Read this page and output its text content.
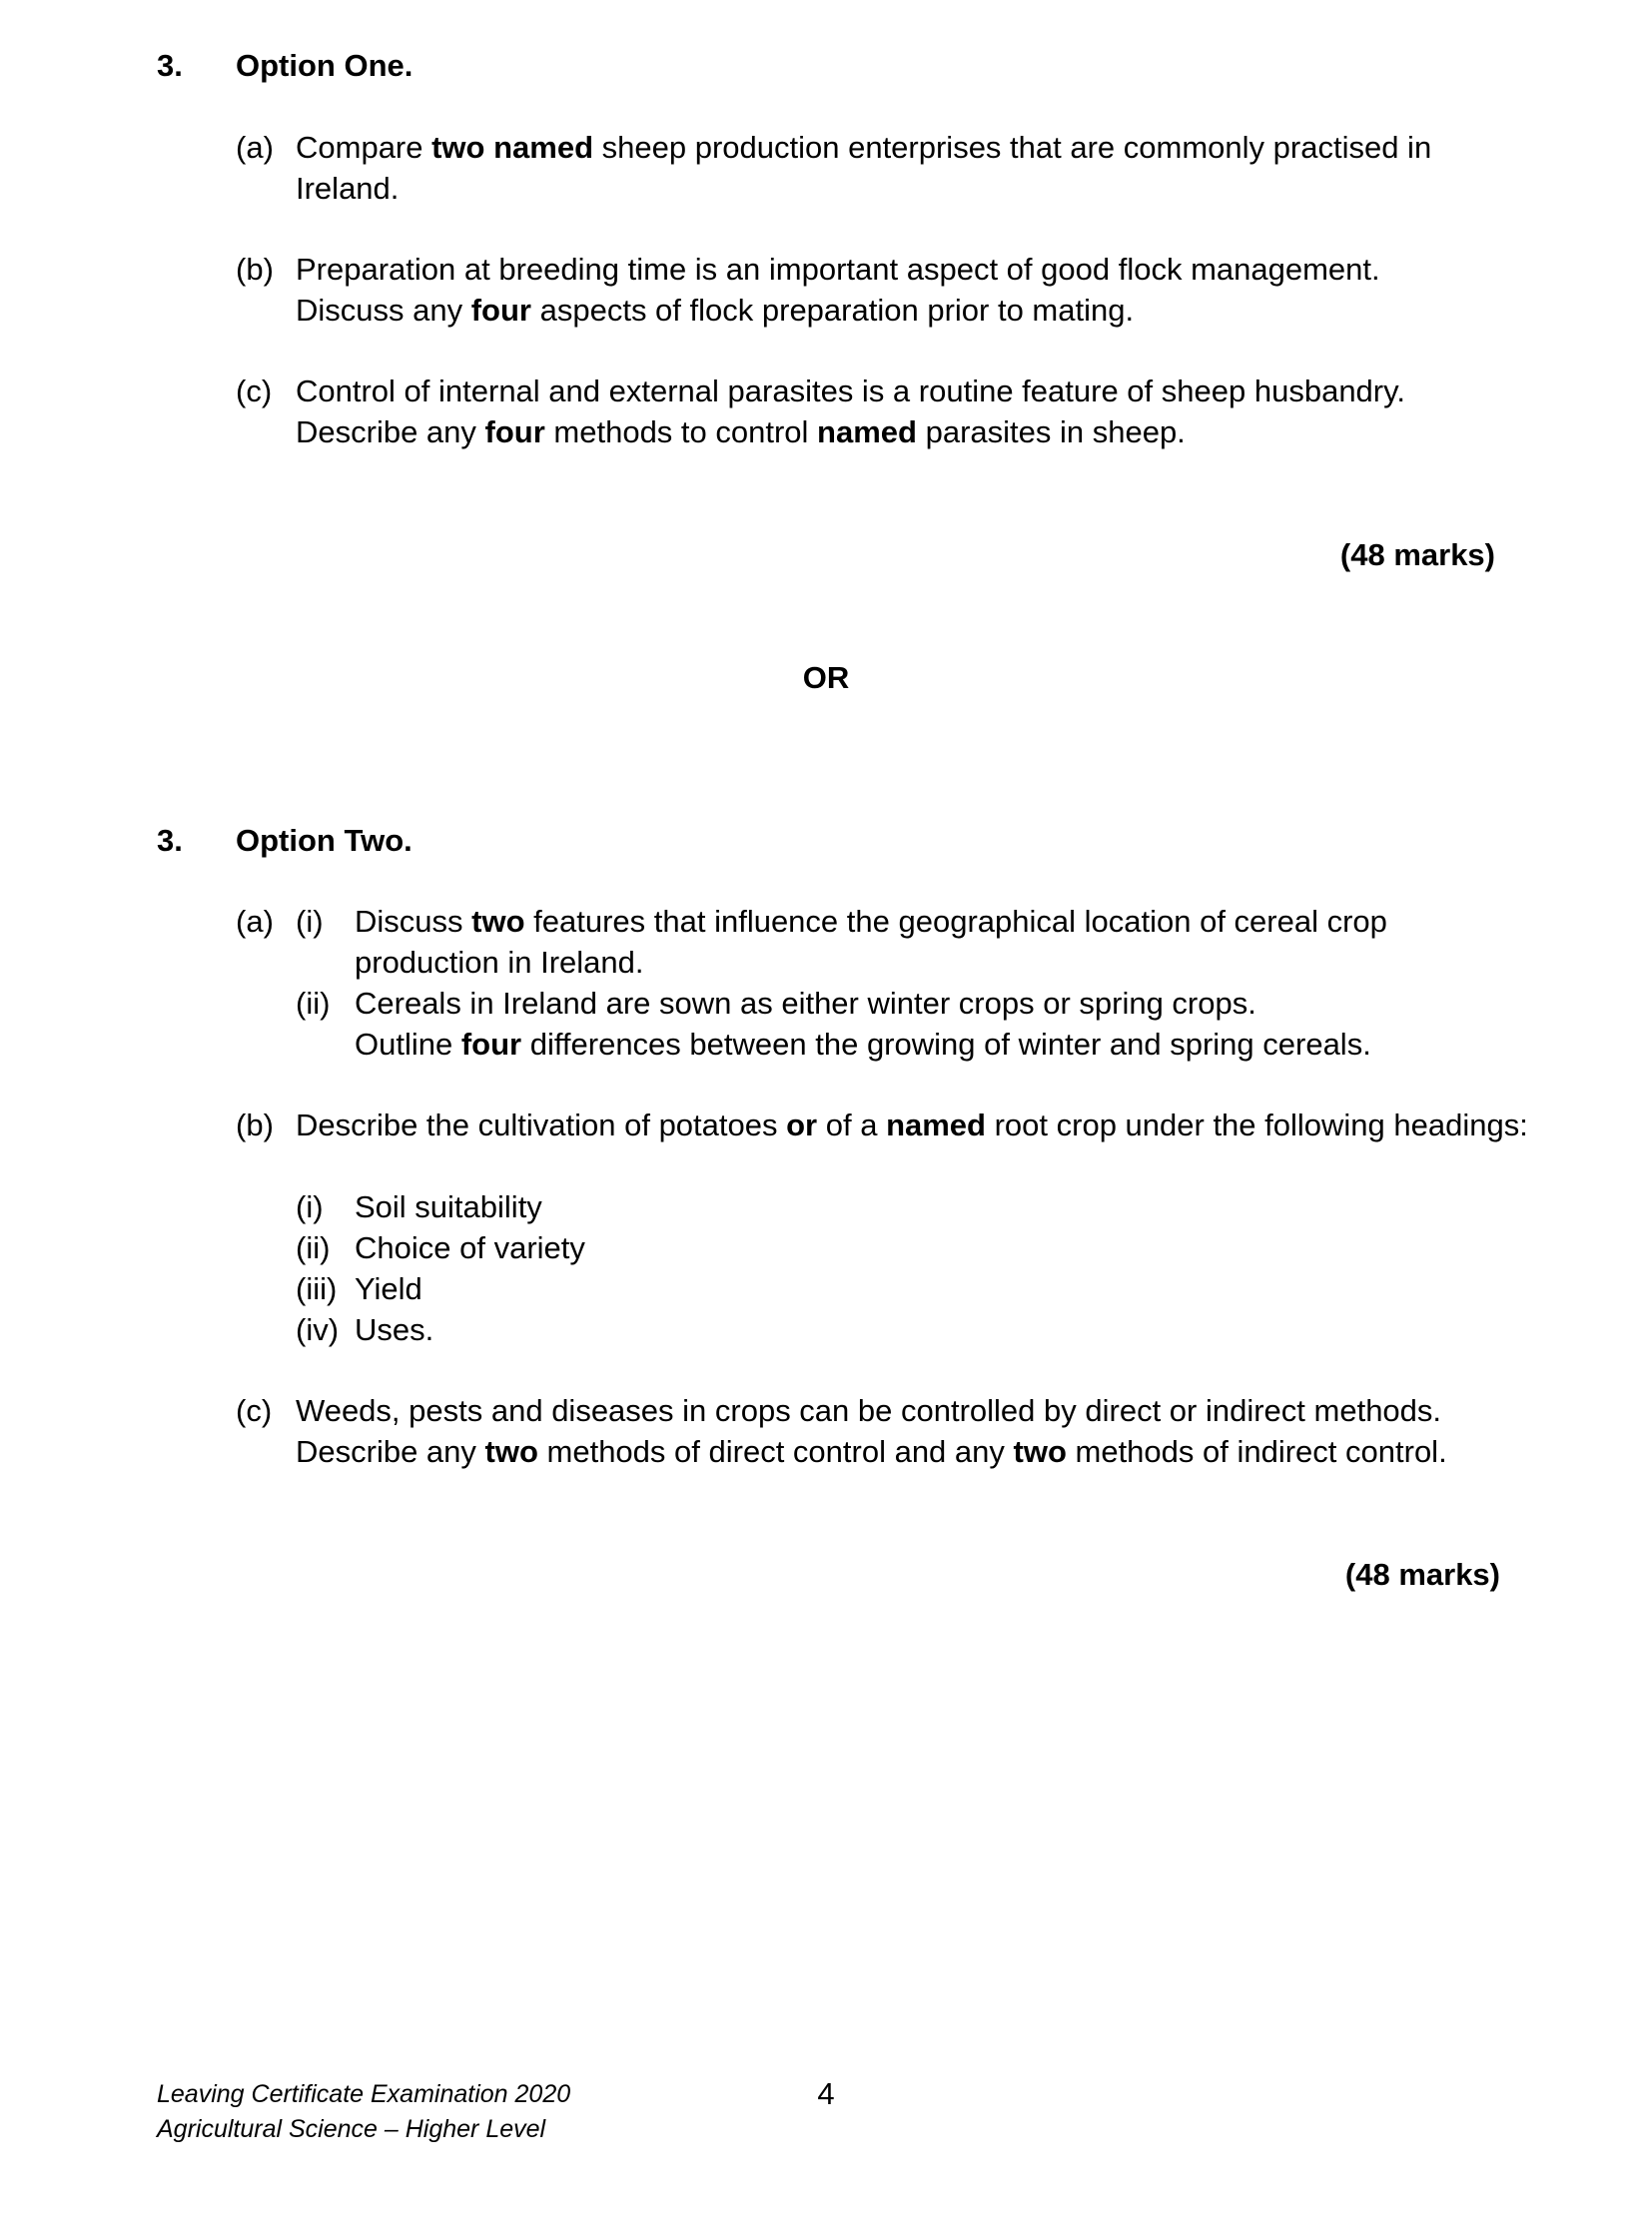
3. Option One.
(a) Compare two named sheep production enterprises that are commonly practised in
Ireland.
(b) Preparation at breeding time is an important aspect of good flock management.
Discuss any four aspects of flock preparation prior to mating.
(c) Control of internal and external parasites is a routine feature of sheep husbandry.
Describe any four methods to control named parasites in sheep.
(48 marks)
OR
3. Option Two.
(a) (i) Discuss two features that influence the geographical location of cereal crop
production in Ireland.
(ii) Cereals in Ireland are sown as either winter crops or spring crops.
Outline four differences between the growing of winter and spring cereals.
(b) Describe the cultivation of potatoes or of a named root crop under the following headings:
(i) Soil suitability
(ii) Choice of variety
(iii) Yield
(iv) Uses.
(c) Weeds, pests and diseases in crops can be controlled by direct or indirect methods.
Describe any two methods of direct control and any two methods of indirect control.
(48 marks)
Leaving Certificate Examination 2020
Agricultural Science – Higher Level
4
